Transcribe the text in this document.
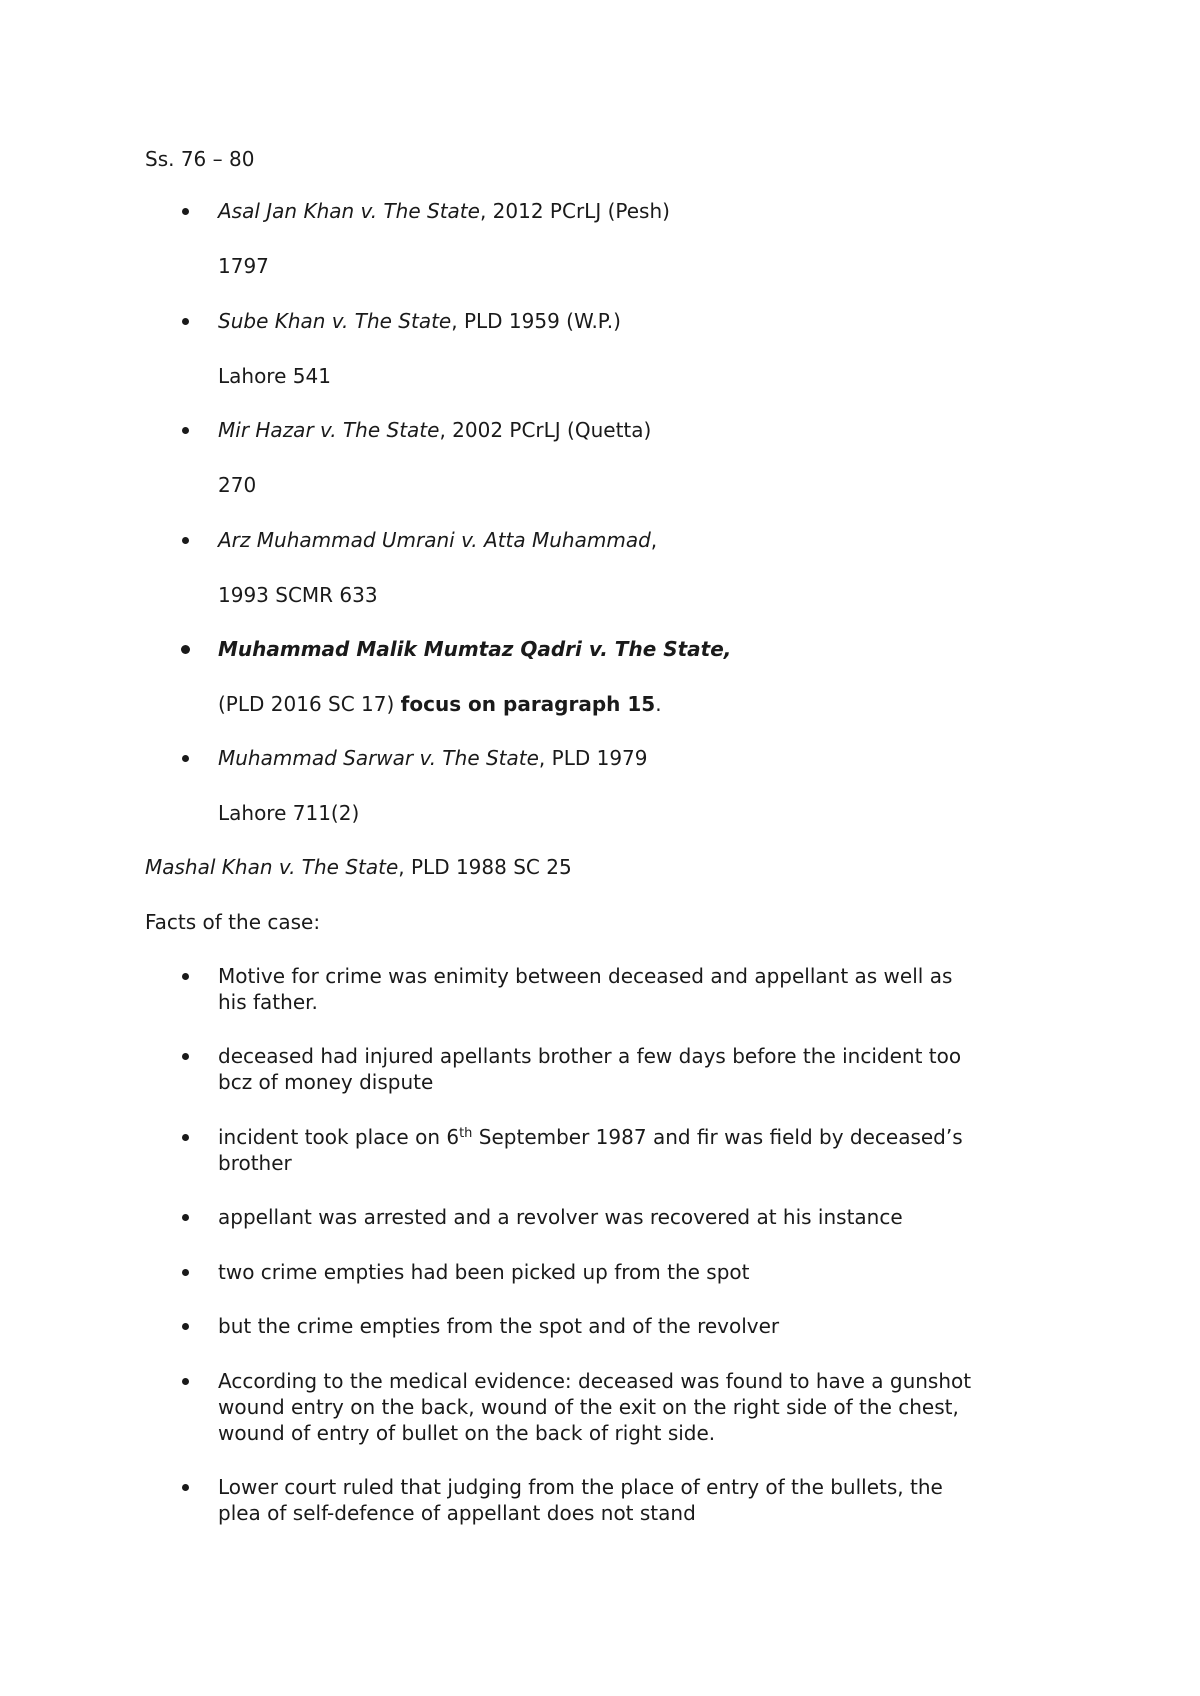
Ss. 76 – 80

Asal Jan Khan v. The State, 2012 PCrLJ (Pesh)

1797

Sube Khan v. The State, PLD 1959 (W.P.)

Lahore 541

Mir Hazar v. The State, 2002 PCrLJ (Quetta)

270

Arz Muhammad Umrani v. Atta Muhammad,

1993 SCMR 633

Muhammad Malik Mumtaz Qadri v. The State,

(PLD 2016 SC 17) focus on paragraph 15.

Muhammad Sarwar v. The State, PLD 1979

Lahore 711(2)

Mashal Khan v. The State, PLD 1988 SC 25

Facts of the case:

Motive for crime was enimity between deceased and appellant as well as

his father.

deceased had injured apellants brother a few days before the incident too

bcz of money dispute

incident took place on 6th September 1987 and fir was field by deceased’s

brother

appellant was arrested and a revolver was recovered at his instance

two crime empties had been picked up from the spot

but the crime empties from the spot and of the revolver

According to the medical evidence: deceased was found to have a gunshot

wound entry on the back, wound of the exit on the right side of the chest,

wound of entry of bullet on the back of right side.

Lower court ruled that judging from the place of entry of the bullets, the

plea of self-defence of appellant does not stand
